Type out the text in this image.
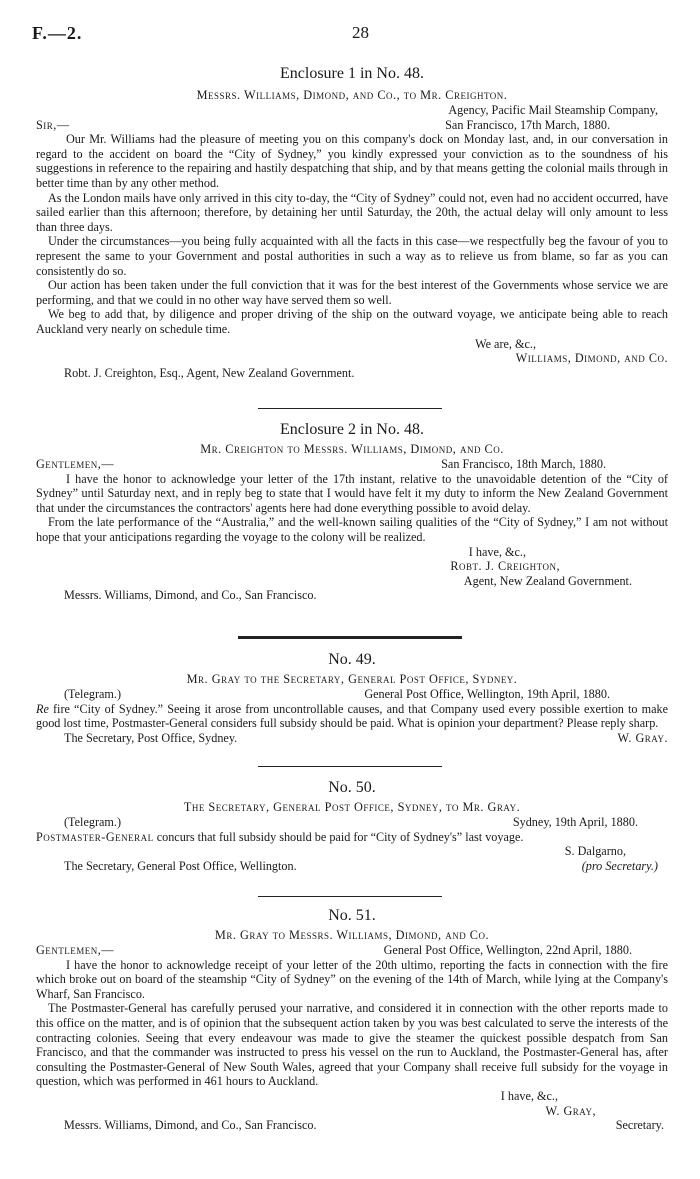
F.—2.	28

Enclosure 1 in No. 48.

Messrs. Williams, Dimond, and Co., to Mr. Creighton.

Agency, Pacific Mail Steamship Company,

Sir,—	San Francisco, 17th March, 1880.

Our Mr. Williams had the pleasure of meeting you on this company's dock on Monday last, and, in our conversation in regard to the accident on board the “City of Sydney,” you kindly expressed your conviction as to the soundness of his suggestions in reference to the repairing and hastily despatching that ship, and by that means getting the colonial mails through in better time than by any other method.

As the London mails have only arrived in this city to-day, the “City of Sydney” could not, even had no accident occurred, have sailed earlier than this afternoon; therefore, by detaining her until Saturday, the 20th, the actual delay will only amount to less than three days.

Under the circumstances—you being fully acquainted with all the facts in this case—we respectfully beg the favour of you to represent the same to your Government and postal authorities in such a way as to relieve us from blame, so far as you can consistently do so.

Our action has been taken under the full conviction that it was for the best interest of the Governments whose service we are performing, and that we could in no other way have served them so well.

We beg to add that, by diligence and proper driving of the ship on the outward voyage, we anticipate being able to reach Auckland very nearly on schedule time.

We are, &c.,

Williams, Dimond, and Co.

Robt. J. Creighton, Esq., Agent, New Zealand Government.

Enclosure 2 in No. 48.

Mr. Creighton to Messrs. Williams, Dimond, and Co.

Gentlemen,—	San Francisco, 18th March, 1880.

I have the honor to acknowledge your letter of the 17th instant, relative to the unavoidable detention of the “City of Sydney” until Saturday next, and in reply beg to state that I would have felt it my duty to inform the New Zealand Government that under the circumstances the contractors' agents here had done everything possible to avoid delay.

From the late performance of the “Australia,” and the well-known sailing qualities of the “City of Sydney,” I am not without hope that your anticipations regarding the voyage to the colony will be realized.

I have, &c.,

Robt. J. Creighton,

Agent, New Zealand Government.

Messrs. Williams, Dimond, and Co., San Francisco.

No. 49.

Mr. Gray to the Secretary, General Post Office, Sydney.

(Telegram.)	General Post Office, Wellington, 19th April, 1880.

Re fire “City of Sydney.” Seeing it arose from uncontrollable causes, and that Company used every possible exertion to make good lost time, Postmaster-General considers full subsidy should be paid. What is opinion your department? Please reply sharp.

The Secretary, Post Office, Sydney.	W. Gray.

No. 50.

The Secretary, General Post Office, Sydney, to Mr. Gray.

(Telegram.)	Sydney, 19th April, 1880.

Postmaster-General concurs that full subsidy should be paid for “City of Sydney's” last voyage.

S. Dalgarno,

The Secretary, General Post Office, Wellington.	(pro Secretary.)

No. 51.

Mr. Gray to Messrs. Williams, Dimond, and Co.

Gentlemen,—	General Post Office, Wellington, 22nd April, 1880.

I have the honor to acknowledge receipt of your letter of the 20th ultimo, reporting the facts in connection with the fire which broke out on board of the steamship “City of Sydney” on the evening of the 14th of March, while lying at the Company's Wharf, San Francisco.

The Postmaster-General has carefully perused your narrative, and considered it in connection with the other reports made to this office on the matter, and is of opinion that the subsequent action taken by you was best calculated to serve the interests of the contracting colonies. Seeing that every endeavour was made to give the steamer the quickest possible despatch from San Francisco, and that the commander was instructed to press his vessel on the run to Auckland, the Postmaster-General has, after consulting the Postmaster-General of New South Wales, agreed that your Company shall receive full subsidy for the voyage in question, which was performed in 461 hours to Auckland.

I have, &c.,

W. Gray,

Messrs. Williams, Dimond, and Co., San Francisco.	Secretary.
